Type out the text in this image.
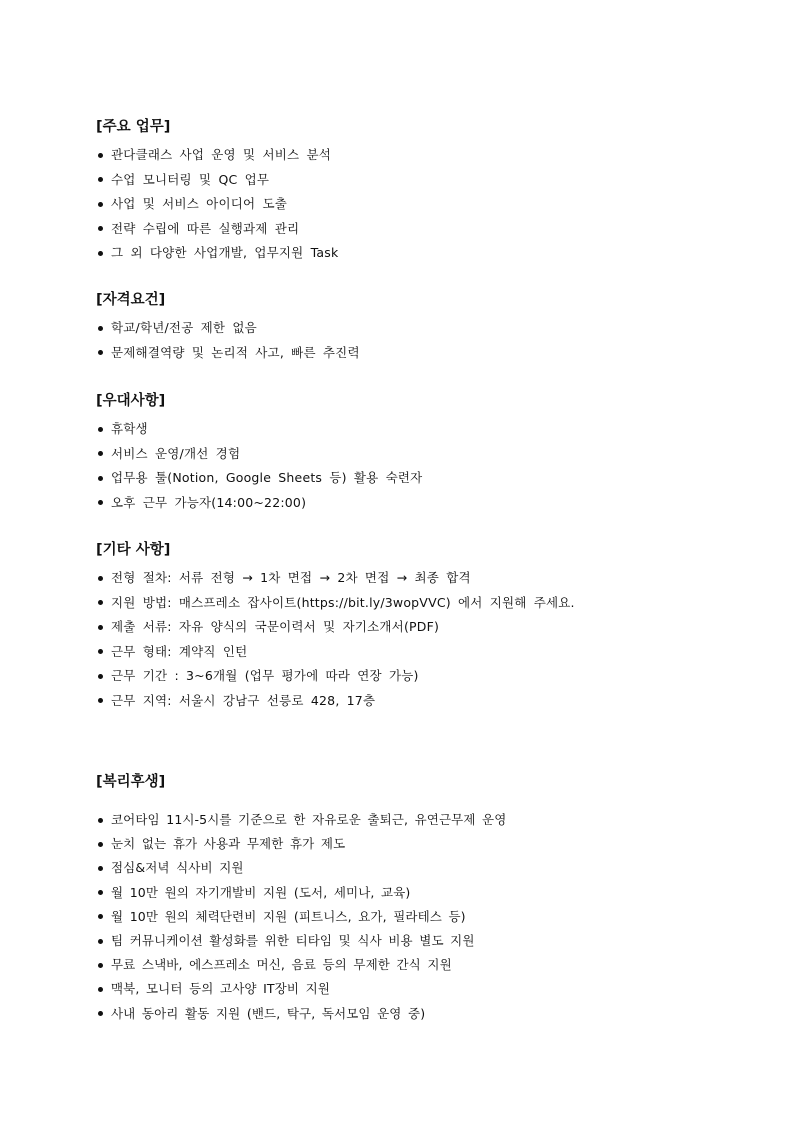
[주요 업무]
관다클래스 사업 운영 및 서비스 분석
수업 모니터링 및 QC 업무
사업 및 서비스 아이디어 도출
전략 수립에 따른 실행과제 관리
그 외 다양한 사업개발, 업무지원 Task
[자격요건]
학교/학년/전공 제한 없음
문제해결역량 및 논리적 사고, 빠른 추진력
[우대사항]
휴학생
서비스 운영/개선 경험
업무용 툴(Notion, Google Sheets 등) 활용 숙련자
오후 근무 가능자(14:00~22:00)
[기타 사항]
전형 절차: 서류 전형 → 1차 면접 → 2차 면접 → 최종 합격
지원 방법: 매스프레소 잡사이트(https://bit.ly/3wopVVC) 에서 지원해 주세요.
제출 서류: 자유 양식의 국문이력서 및 자기소개서(PDF)
근무 형태: 계약직 인턴
근무 기간 : 3~6개월 (업무 평가에 따라 연장 가능)
근무 지역: 서울시 강남구 선릉로 428, 17층
[복리후생]
코어타임 11시-5시를 기준으로 한 자유로운 출퇴근, 유연근무제 운영
눈치 없는 휴가 사용과 무제한 휴가 제도
점심&저녁 식사비 지원
월 10만 원의 자기개발비 지원 (도서, 세미나, 교육)
월 10만 원의 체력단련비 지원 (피트니스, 요가, 필라테스 등)
팀 커뮤니케이션 활성화를 위한 티타임 및 식사 비용 별도 지원
무료 스낵바, 에스프레소 머신, 음료 등의 무제한 간식 지원
맥북, 모니터 등의 고사양 IT장비 지원
사내 동아리 활동 지원 (밴드, 탁구, 독서모임 운영 중)
